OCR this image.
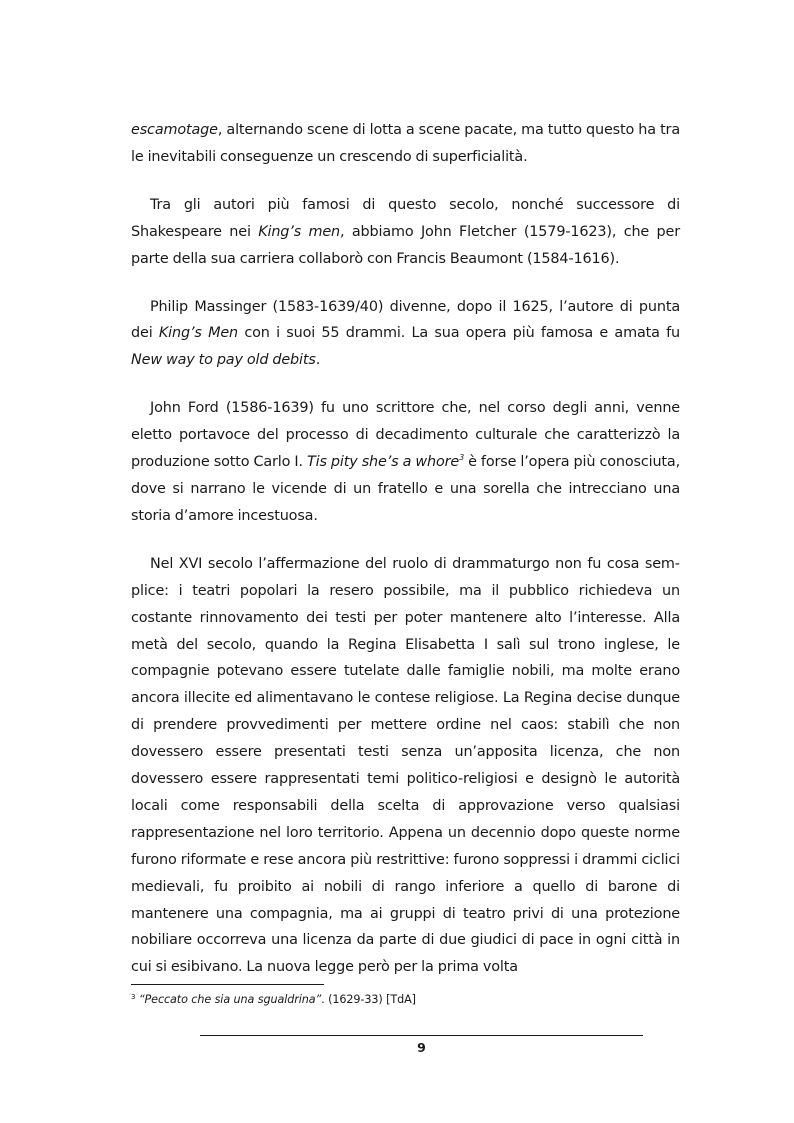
escamotage, alternando scene di lotta a scene pacate, ma tutto questo ha tra le inevitabili conseguenze un crescendo di superficialità.

Tra gli autori più famosi di questo secolo, nonché successore di Shakespeare nei King’s men, abbiamo John Fletcher (1579-1623), che per parte della sua carriera collaborò con Francis Beaumont (1584-1616).

Philip Massinger (1583-1639/40) divenne, dopo il 1625, l’autore di punta dei King’s Men con i suoi 55 drammi. La sua opera più famosa e amata fu New way to pay old debits.

John Ford (1586-1639) fu uno scrittore che, nel corso degli anni, venne eletto portavoce del processo di decadimento culturale che caratterizzò la produzione sotto Carlo I. Tis pity she’s a whore$^3$ è forse l’opera più conosciuta, dove si narrano le vicende di un fratello e una sorella che intrecciano una storia d’amore incestuosa.

Nel XVI secolo l’affermazione del ruolo di drammaturgo non fu cosa semplice: i teatri popolari la resero possibile, ma il pubblico richiedeva un costante rinnovamento dei testi per poter mantenere alto l’interesse. Alla metà del secolo, quando la Regina Elisabetta I salì sul trono inglese, le compagnie potevano essere tutelate dalle famiglie nobili, ma molte erano ancora illecite ed alimentavano le contese religiose. La Regina decise dunque di prendere provvedimenti per mettere ordine nel caos: stabilì che non dovessero essere presentati testi senza un’apposita licenza, che non dovessero essere rappresentati temi politico-religiosi e designò le autorità locali come responsabili della scelta di approvazione verso qualsiasi rappresentazione nel loro territorio. Appena un decennio dopo queste norme furono riformate e rese ancora più restrittive: furono soppressi i drammi ciclici medievali, fu proibito ai nobili di rango inferiore a quello di barone di mantenere una compagnia, ma ai gruppi di teatro privi di una protezione nobiliare occorreva una licenza da parte di due giudici di pace in ogni città in cui si esibivano. La nuova legge però per la prima volta

$^3$ “Peccato che sia una sgualdrina”. (1629-33) [TdA]
9
